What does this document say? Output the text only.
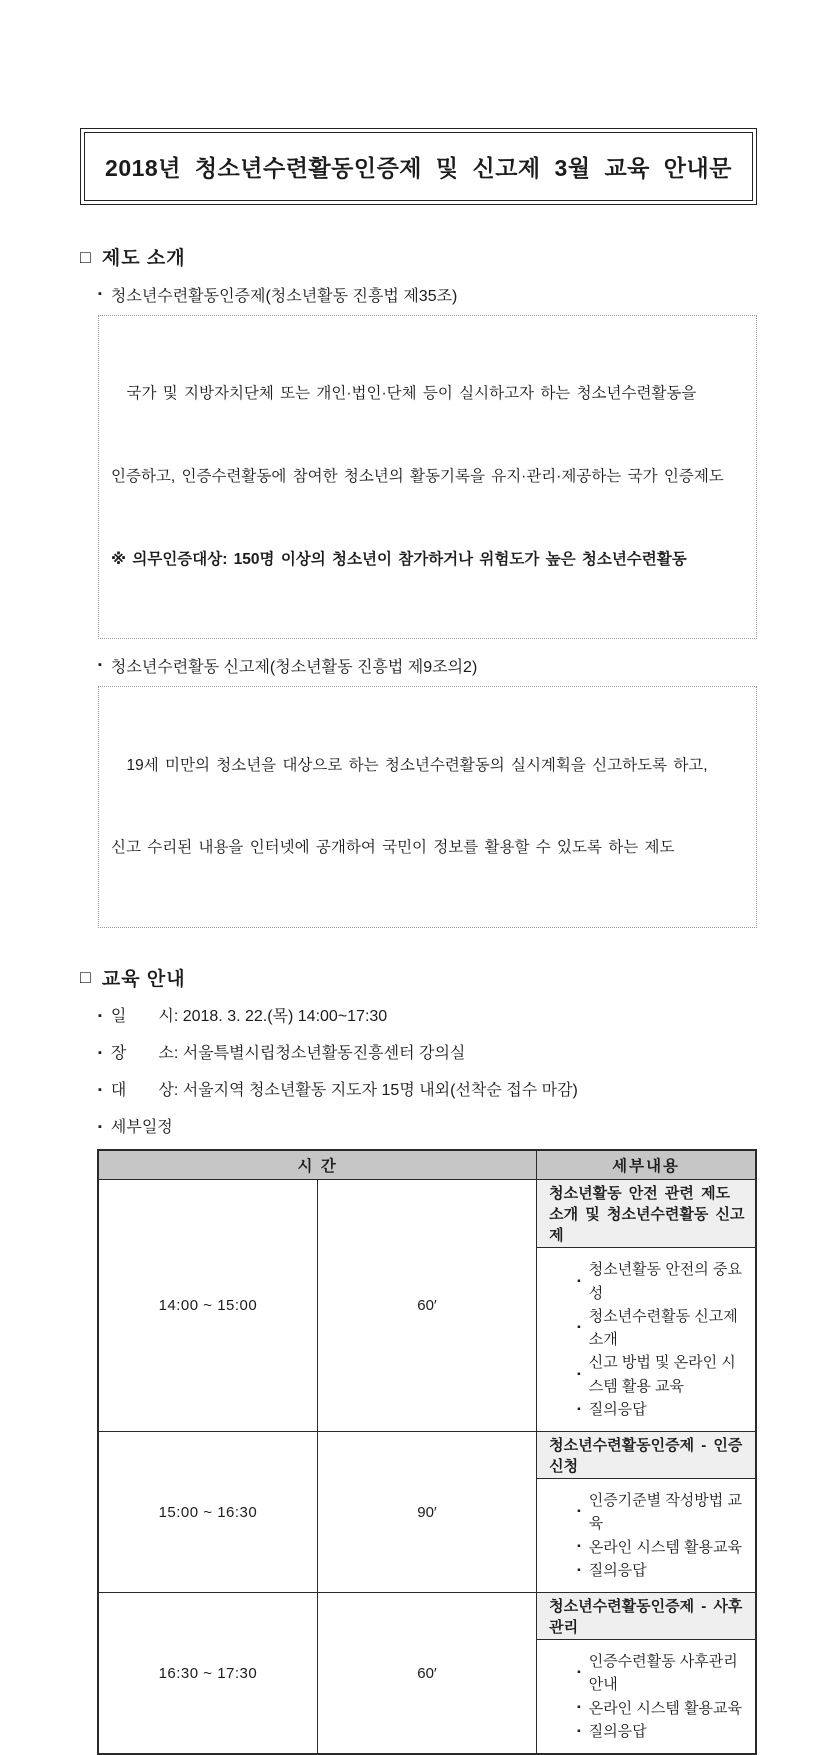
2018년 청소년수련활동인증제 및 신고제 3월 교육 안내문
□ 제도 소개
▪ 청소년수련활동인증제(청소년활동 진흥법 제35조)

　국가 및 지방자치단체 또는 개인·법인·단체 등이 실시하고자 하는 청소년수련활동을

인증하고, 인증수련활동에 참여한 청소년의 활동기록을 유지·관리·제공하는 국가 인증제도

※ 의무인증대상: 150명 이상의 청소년이 참가하거나 위험도가 높은 청소년수련활동

▪ 청소년수련활동 신고제(청소년활동 진흥법 제9조의2)

　19세 미만의 청소년을 대상으로 하는 청소년수련활동의 실시계획을 신고하도록 하고,

신고 수리된 내용을 인터넷에 공개하여 국민이 정보를 활용할 수 있도록 하는 제도

□ 교육 안내
▪ 일　　시: 2018. 3. 22.(목) 14:00~17:30
▪ 장　　소: 서울특별시립청소년활동진흥센터 강의실
▪ 대　　상: 서울지역 청소년활동 지도자 15명 내외(선착순 접수 마감)
▪ 세부일정
시 간		세부내용
14:00 ~ 15:00	60′	청소년활동 안전 관련 제도 소개 및 청소년수련활동 신고제

▪
청소년활동 안전의 중요성
▪
청소년수련활동 신고제 소개
▪
신고 방법 및 온라인 시스템 활용 교육
▪ 질의응답

15:00 ~ 16:30	90′	청소년수련활동인증제 - 인증신청

▪
인증기준별 작성방법 교육
▪ 온라인 시스템 활용교육
▪ 질의응답

16:30 ~ 17:30	60′	청소년수련활동인증제 - 사후관리

▪
인증수련활동 사후관리 안내
▪ 온라인 시스템 활용교육
▪ 질의응답
